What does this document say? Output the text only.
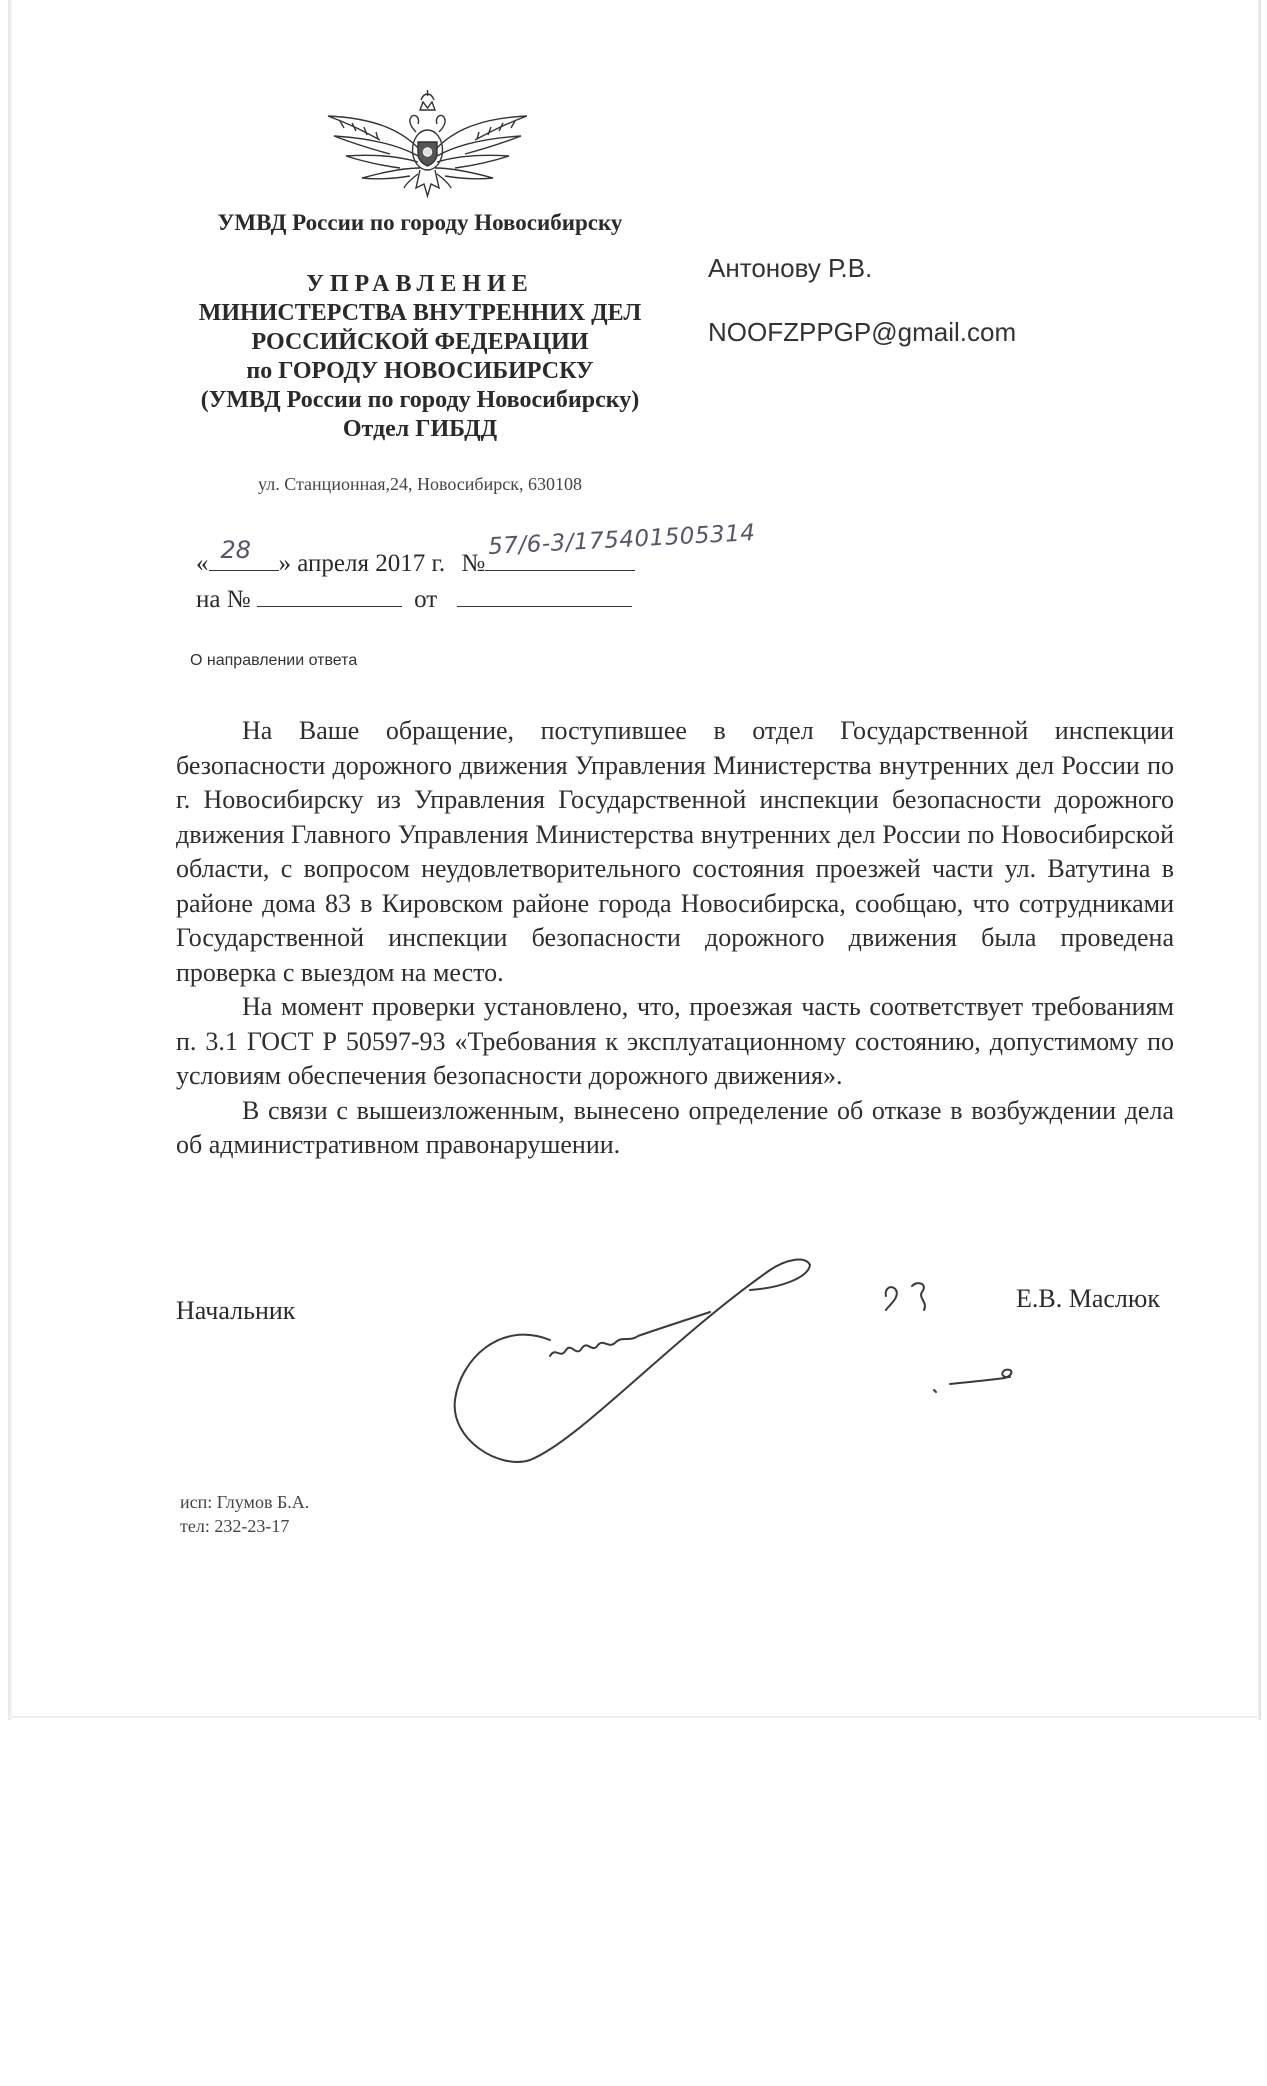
УМВД России по городу Новосибирску
УПРАВЛЕНИЕ
МИНИСТЕРСТВА ВНУТРЕННИХ ДЕЛ
РОССИЙСКОЙ ФЕДЕРАЦИИ
по ГОРОДУ НОВОСИБИРСКУ
(УМВД России по городу Новосибирску)
Отдел ГИБДД
ул. Станционная,24, Новосибирск, 630108
Антонову Р.В.
NOOFZPPGP@gmail.com
« 28 » апреля 2017 г. №
57/6-3/175401505314
на №	от
О направлении ответа

На Ваше обращение, поступившее в отдел Государственной инспекции безопасности дорожного движения Управления Министерства внутренних дел России по г. Новосибирску из Управления Государственной инспекции безопасности дорожного движения Главного Управления Министерства внутренних дел России по Новосибирской области, с вопросом неудовлетворительного состояния проезжей части ул. Ватутина в районе дома 83 в Кировском районе города Новосибирска, сообщаю, что сотрудниками Государственной инспекции безопасности дорожного движения была проведена проверка с выездом на место.

На момент проверки установлено, что, проезжая часть соответствует требованиям п. 3.1 ГОСТ Р 50597-93 «Требования к эксплуатационному состоянию, допустимому по условиям обеспечения безопасности дорожного движения».

В связи с вышеизложенным, вынесено определение об отказе в возбуждении дела об административном правонарушении.

Начальник	Е.В. Маслюк
исп: Глумов Б.А.
тел: 232-23-17
